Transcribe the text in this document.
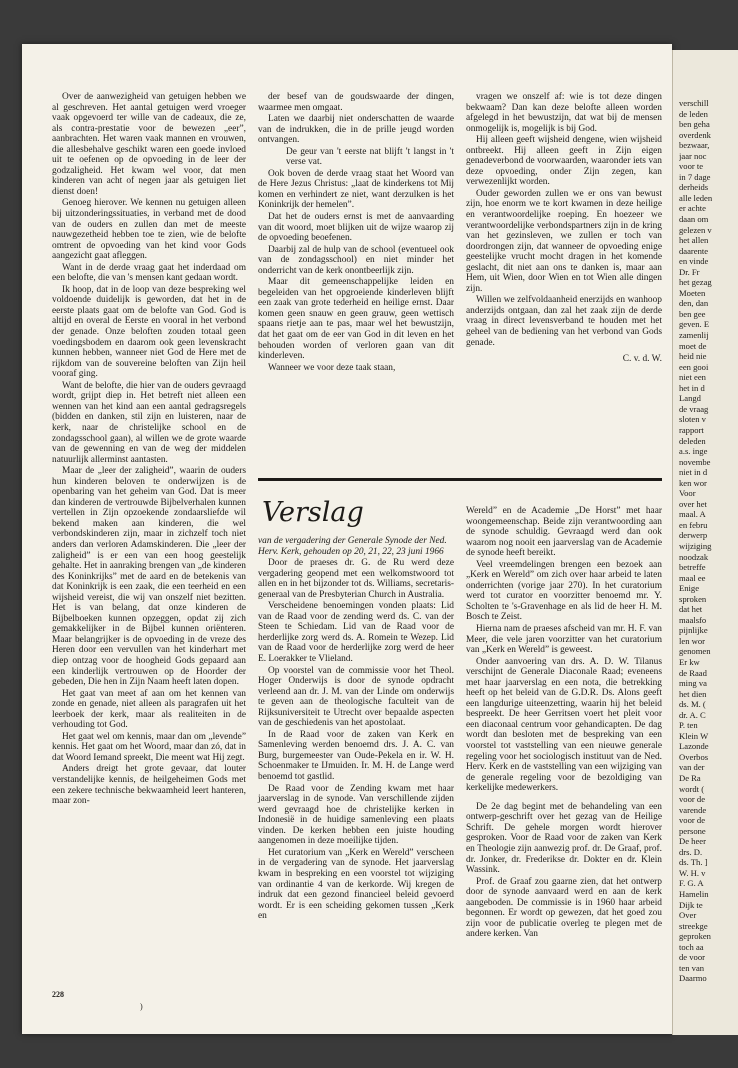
Over de aanwezigheid van getuigen hebben we al geschreven. Het aantal getuigen werd vroeger vaak opgevoerd ter wille van de cadeaux, die ze, als contra-prestatie voor de bewezen „eer”, aanbrachten. Het waren vaak mannen en vrouwen, die allesbehalve geschikt waren een goede invloed uit te oefenen op de opvoeding in de leer der godzaligheid. Het kwam wel voor, dat men kinderen van acht of negen jaar als getuigen liet dienst doen!

Genoeg hierover. We kennen nu getuigen alleen bij uitzonderingssituaties, in verband met de dood van de ouders en zullen dan met de meeste nauwgezetheid hebben toe te zien, wie de belofte omtrent de opvoeding van het kind voor Gods aangezicht gaat afleggen.

Want in de derde vraag gaat het inderdaad om een belofte, die van 's mensen kant gedaan wordt.

Ik hoop, dat in de loop van deze bespreking wel voldoende duidelijk is geworden, dat het in de eerste plaats gaat om de belofte van God. God is altijd en overal de Eerste en vooral in het verbond der genade. Onze beloften zouden totaal geen voedingsbodem en daarom ook geen levenskracht kunnen hebben, wanneer niet God de Here met de rijkdom van de souvereine beloften van Zijn heil vooraf ging.

Want de belofte, die hier van de ouders gevraagd wordt, grijpt diep in. Het betreft niet alleen een wennen van het kind aan een aantal gedragsregels (bidden en danken, stil zijn en luisteren, naar de kerk, naar de christelijke school en de zondagsschool gaan), al willen we de grote waarde van de gewenning en van de weg der middelen natuurlijk allerminst aantasten.

Maar de „leer der zaligheid”, waarin de ouders hun kinderen beloven te onderwijzen is de openbaring van het geheim van God. Dat is meer dan kinderen de vertrouwde Bijbelverhalen kunnen vertellen in Zijn opzoekende zondaarsliefde wil bekend maken aan kinderen, die wel verbondskinderen zijn, maar in zichzelf toch niet anders dan verloren Adamskinderen. Die „leer der zaligheid” is er een van een hoog geestelijk gehalte. Het in aanraking brengen van „de kinderen des Koninkrijks” met de aard en de betekenis van dat Koninkrijk is een zaak, die een teerheid en een wijsheid vereist, die wij van onszelf niet bezitten. Het is van belang, dat onze kinderen de Bijbelboeken kunnen opzeggen, opdat zij zich gemakkelijker in de Bijbel kunnen oriënteren. Maar belangrijker is de opvoeding in de vreze des Heren door een vervullen van het kinderhart met diep ontzag voor de hoogheid Gods gepaard aan een kinderlijk vertrouwen op de Hoorder der gebeden, Die hen in Zijn Naam heeft laten dopen.

Het gaat van meet af aan om het kennen van zonde en genade, niet alleen als paragrafen uit het leerboek der kerk, maar als realiteiten in de verhouding tot God.

Het gaat wel om kennis, maar dan om „levende” kennis. Het gaat om het Woord, maar dan zó, dat in dat Woord Iemand spreekt, Die meent wat Hij zegt.

Anders dreigt het grote gevaar, dat louter verstandelijke kennis, de heilgeheimen Gods met een zekere technische bekwaamheid leert hanteren, maar zon-

der besef van de goudswaarde der dingen, waarmee men omgaat.

Laten we daarbij niet onderschatten de waarde van de indrukken, die in de prille jeugd worden ontvangen.

De geur van 't eerste nat blijft 't langst in 't verse vat.

Ook boven de derde vraag staat het Woord van de Here Jezus Christus: „laat de kinderkens tot Mij komen en verhindert ze niet, want derzulken is het Koninkrijk der hemelen”.

Dat het de ouders ernst is met de aanvaarding van dit woord, moet blijken uit de wijze waarop zij de opvoeding beoefenen.

Daarbij zal de hulp van de school (eventueel ook van de zondagsschool) en niet minder het onderricht van de kerk onontbeerlijk zijn.

Maar dit gemeenschappelijke leiden en begeleiden van het opgroeiende kinderleven blijft een zaak van grote tederheid en heilige ernst. Daar komen geen snauw en geen grauw, geen wettisch spaans rietje aan te pas, maar wel het bewustzijn, dat het gaat om de eer van God in dit leven en het behouden worden of verloren gaan van dit kinderleven.

Wanneer we voor deze taak staan,

vragen we onszelf af: wie is tot deze dingen bekwaam? Dan kan deze belofte alleen worden afgelegd in het bewustzijn, dat wat bij de mensen onmogelijk is, mogelijk is bij God.

Hij alleen geeft wijsheid dengene, wien wijsheid ontbreekt. Hij alleen geeft in Zijn eigen genadeverbond de voorwaarden, waaronder iets van deze opvoeding, onder Zijn zegen, kan verwezenlijkt worden.

Ouder geworden zullen we er ons van bewust zijn, hoe enorm we te kort kwamen in deze heilige en verantwoordelijke roeping. En hoezeer we verantwoordelijke verbondspartners zijn in de kring van het gezinsleven, we zullen er toch van doordrongen zijn, dat wanneer de opvoeding enige geestelijke vrucht mocht dragen in het komende geslacht, dit niet aan ons te danken is, maar aan Hem, uit Wien, door Wien en tot Wien alle dingen zijn.

Willen we zelfvoldaanheid enerzijds en wanhoop anderzijds ontgaan, dan zal het zaak zijn de derde vraag in direct levensverband te houden met het geheel van de bediening van het verbond van Gods genade.

C. v. d. W.
Verslag

van de vergadering der Generale Synode der Ned. Herv. Kerk, gehouden op 20, 21, 22, 23 juni 1966

Door de praeses dr. G. de Ru werd deze vergadering geopend met een welkomstwoord tot allen en in het bijzonder tot ds. Williams, secretaris-generaal van de Presbyterian Church in Australia.

Verscheidene benoemingen vonden plaats: Lid van de Raad voor de zending werd ds. C. van der Steen te Schiedam. Lid van de Raad voor de herderlijke zorg werd ds. A. Romein te Wezep. Lid van de Raad voor de herderlijke zorg werd de heer E. Loerakker te Vlieland.

Op voorstel van de commissie voor het Theol. Hoger Onderwijs is door de synode opdracht verleend aan dr. J. M. van der Linde om onderwijs te geven aan de theologische faculteit van de Rijksuniversiteit te Utrecht over bepaalde aspecten van de geschiedenis van het apostolaat.

In de Raad voor de zaken van Kerk en Samenleving werden benoemd drs. J. A. C. van Burg, burgemeester van Oude-Pekela en ir. W. H. Schoenmaker te IJmuiden. Ir. M. H. de Lange werd benoemd tot gastlid.

De Raad voor de Zending kwam met haar jaarverslag in de synode. Van verschillende zijden werd gevraagd hoe de christelijke kerken in Indonesië in de huidige samenleving een plaats vinden. De kerken hebben een juiste houding aangenomen in deze moeilijke tijden.

Het curatorium van „Kerk en Wereld” verscheen in de vergadering van de synode. Het jaarverslag kwam in bespreking en een voorstel tot wijziging van ordinantie 4 van de kerkorde. Wij kregen de indruk dat een gezond financieel beleid gevoerd wordt. Er is een scheiding gekomen tussen „Kerk en

Wereld” en de Academie „De Horst” met haar woongemeenschap. Beide zijn verantwoording aan de synode schuldig. Gevraagd werd dan ook waarom nog nooit een jaarverslag van de Academie de synode heeft bereikt.

Veel vreemdelingen brengen een bezoek aan „Kerk en Wereld” om zich over haar arbeid te laten onderrichten (vorige jaar 270). In het curatorium werd tot curator en voorzitter benoemd mr. Y. Scholten te 's-Gravenhage en als lid de heer H. M. Bosch te Zeist.

Hierna nam de praeses afscheid van mr. H. F. van Meer, die vele jaren voorzitter van het curatorium van „Kerk en Wereld” is geweest.

Onder aanvoering van drs. A. D. W. Tilanus verschijnt de Generale Diaconale Raad; eveneens met haar jaarverslag en een nota, die betrekking heeft op het beleid van de G.D.R. Ds. Alons geeft een langdurige uiteenzetting, waarin hij het beleid bespreekt. De heer Gerritsen voert het pleit voor een diaconaal centrum voor gehandicapten. De dag wordt dan besloten met de bespreking van een voorstel tot vaststelling van een nieuwe generale regeling voor het sociologisch instituut van de Ned. Herv. Kerk en de vaststelling van een wijziging van de generale regeling voor de bezoldiging van kerkelijke medewerkers.

De 2e dag begint met de behandeling van een ontwerp-geschrift over het gezag van de Heilige Schrift. De gehele morgen wordt hierover gesproken. Voor de Raad voor de zaken van Kerk en Theologie zijn aanwezig prof. dr. De Graaf, prof. dr. Jonker, dr. Frederikse dr. Dokter en dr. Klein Wassink.

Prof. de Graaf zou gaarne zien, dat het ontwerp door de synode aanvaard werd en aan de kerk aangeboden. De commissie is in 1960 haar arbeid begonnen. Er wordt op gewezen, dat het goed zou zijn voor de publicatie overleg te plegen met de andere kerken. Van

228
)
verschill
de leden
ben geha
overdenk
bezwaar,
jaar noc
voor te
in 7 dage
derheids
alle leden
er achte
daan om
gelezen v
het allen
daarente
en vinde
Dr. Fr
het gezag
Moeten
den, dan
ben gee
geven. E
zamenlij
moet de
heid nie
een gooi
niet een
het in d
Langd
de vraag
sloten v
rapport
deleden
a.s. inge
novembe
niet in d
ken wor
Voor
over het
maal. A
en febru
derwerp
wijziging
noodzak
betreffe
maal ee
Enige
sproken
dat het
maalsfo
pijnlijke
len wor
genomen
Er kw
de Raad
ming va
het dien
ds. M. (
dr. A. C
P. ten
Klein W
Lazonde
Overbos
van der
De Ra
wordt (
voor de
varende
voor de
persone
De heer
drs. D.
ds. Th. ]
W. H. v
F. G. A
Hamelin
Dijk te
Over
streekge
geproken
toch aa
de voor
ten van
Daarmo
